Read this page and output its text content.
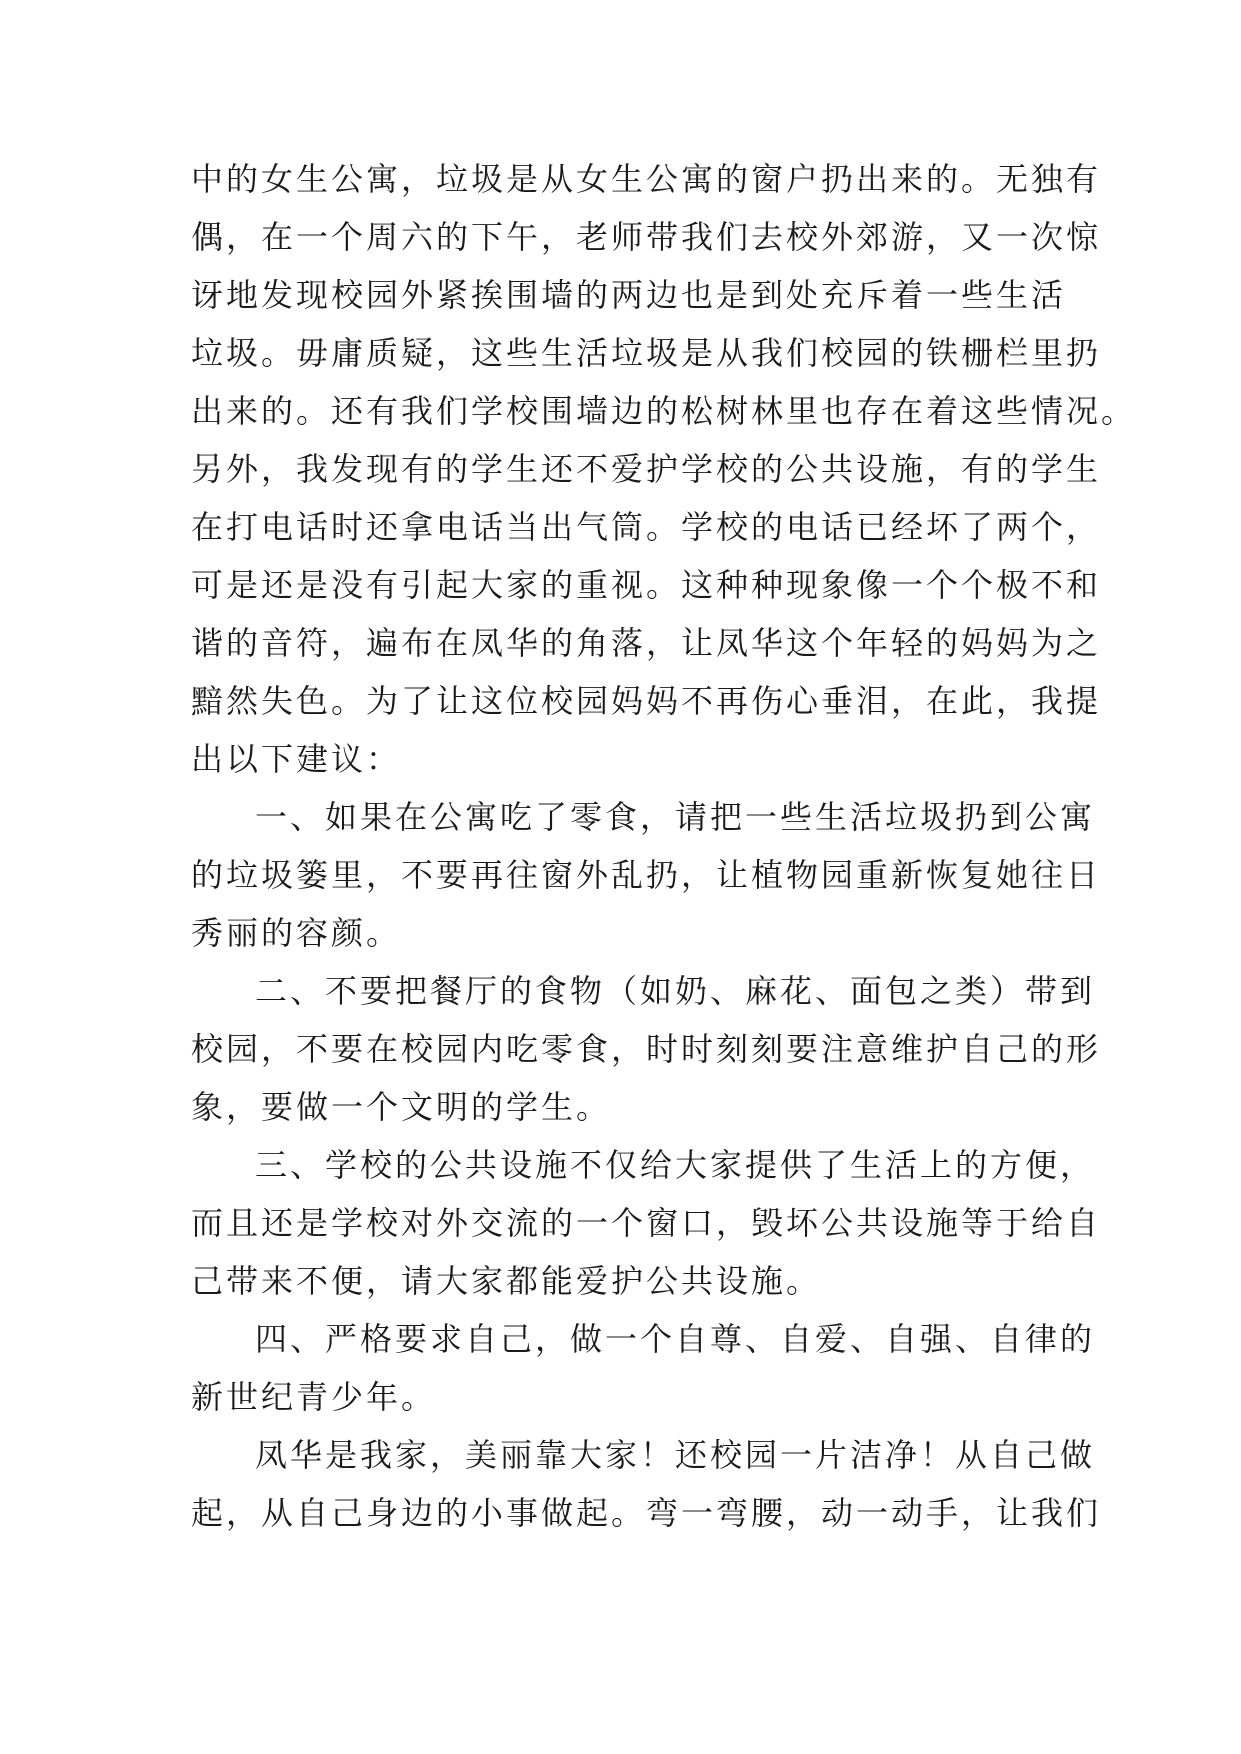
中的女生公寓，垃圾是从女生公寓的窗户扔出来的。无独有
偶，在一个周六的下午，老师带我们去校外郊游，又一次惊
讶地发现校园外紧挨围墙的两边也是到处充斥着一些生活
垃圾。毋庸质疑，这些生活垃圾是从我们校园的铁栅栏里扔
出来的。还有我们学校围墙边的松树林里也存在着这些情况。
另外，我发现有的学生还不爱护学校的公共设施，有的学生
在打电话时还拿电话当出气筒。学校的电话已经坏了两个，
可是还是没有引起大家的重视。这种种现象像一个个极不和
谐的音符，遍布在凤华的角落，让凤华这个年轻的妈妈为之
黯然失色。为了让这位校园妈妈不再伤心垂泪，在此，我提
出以下建议：
一、如果在公寓吃了零食，请把一些生活垃圾扔到公寓
的垃圾篓里，不要再往窗外乱扔，让植物园重新恢复她往日
秀丽的容颜。
二、不要把餐厅的食物（如奶、麻花、面包之类）带到
校园，不要在校园内吃零食，时时刻刻要注意维护自己的形
象，要做一个文明的学生。
三、学校的公共设施不仅给大家提供了生活上的方便，
而且还是学校对外交流的一个窗口，毁坏公共设施等于给自
己带来不便，请大家都能爱护公共设施。
四、严格要求自己，做一个自尊、自爱、自强、自律的
新世纪青少年。
凤华是我家，美丽靠大家！还校园一片洁净！从自己做
起，从自己身边的小事做起。弯一弯腰，动一动手，让我们
